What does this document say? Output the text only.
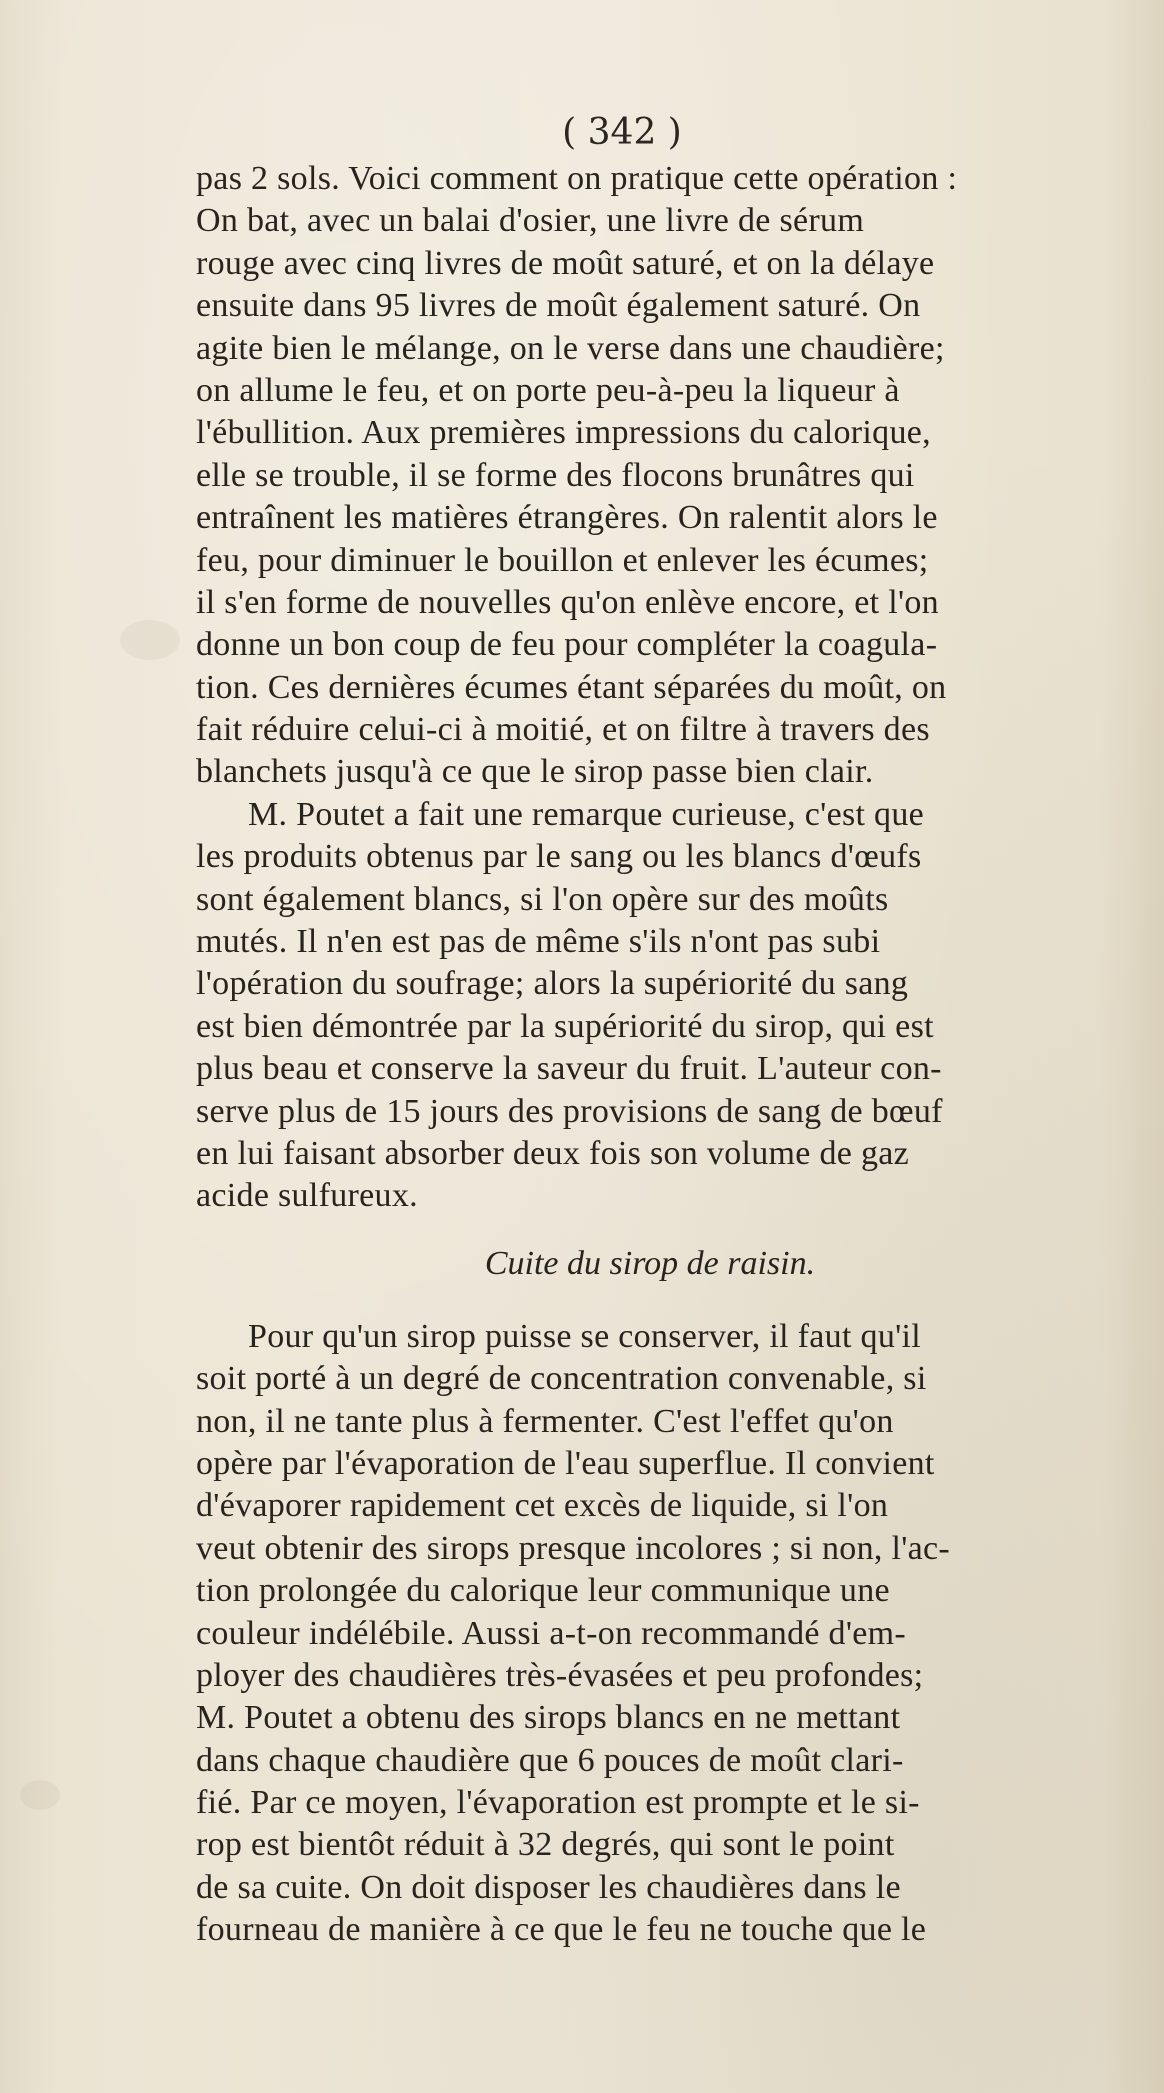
( 342 )
pas 2 sols. Voici comment on pratique cette opération :
On bat, avec un balai d'osier, une livre de sérum
rouge avec cinq livres de moût saturé, et on la délaye
ensuite dans 95 livres de moût également saturé. On
agite bien le mélange, on le verse dans une chaudière;
on allume le feu, et on porte peu-à-peu la liqueur à
l'ébullition. Aux premières impressions du calorique,
elle se trouble, il se forme des flocons brunâtres qui
entraînent les matières étrangères. On ralentit alors le
feu, pour diminuer le bouillon et enlever les écumes;
il s'en forme de nouvelles qu'on enlève encore, et l'on
donne un bon coup de feu pour compléter la coagula-
tion. Ces dernières écumes étant séparées du moût, on
fait réduire celui-ci à moitié, et on filtre à travers des
blanchets jusqu'à ce que le sirop passe bien clair.
M. Poutet a fait une remarque curieuse, c'est que
les produits obtenus par le sang ou les blancs d'œufs
sont également blancs, si l'on opère sur des moûts
mutés. Il n'en est pas de même s'ils n'ont pas subi
l'opération du soufrage; alors la supériorité du sang
est bien démontrée par la supériorité du sirop, qui est
plus beau et conserve la saveur du fruit. L'auteur con-
serve plus de 15 jours des provisions de sang de bœuf
en lui faisant absorber deux fois son volume de gaz
acide sulfureux.
Cuite du sirop de raisin.
Pour qu'un sirop puisse se conserver, il faut qu'il
soit porté à un degré de concentration convenable, si
non, il ne tante plus à fermenter. C'est l'effet qu'on
opère par l'évaporation de l'eau superflue. Il convient
d'évaporer rapidement cet excès de liquide, si l'on
veut obtenir des sirops presque incolores ; si non, l'ac-
tion prolongée du calorique leur communique une
couleur indélébile. Aussi a-t-on recommandé d'em-
ployer des chaudières très-évasées et peu profondes;
M. Poutet a obtenu des sirops blancs en ne mettant
dans chaque chaudière que 6 pouces de moût clari-
fié. Par ce moyen, l'évaporation est prompte et le si-
rop est bientôt réduit à 32 degrés, qui sont le point
de sa cuite. On doit disposer les chaudières dans le
fourneau de manière à ce que le feu ne touche que le
